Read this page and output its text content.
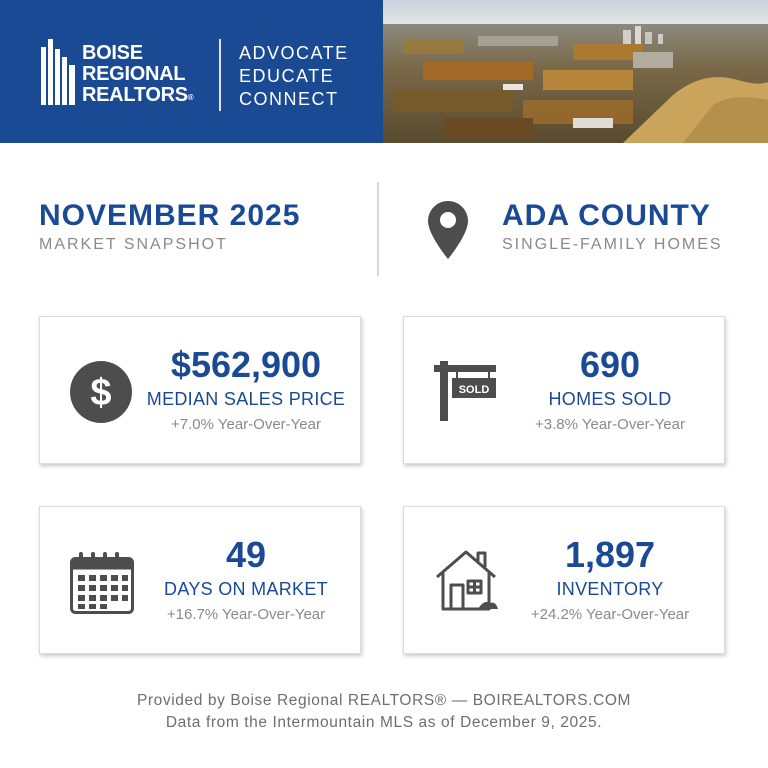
BOISE
REGIONAL
REALTORS®
ADVOCATE
EDUCATE
CONNECT
NOVEMBER 2025
MARKET SNAPSHOT
ADA COUNTY
SINGLE-FAMILY HOMES
$
$562,900
MEDIAN SALES PRICE
+7.0% Year-Over-Year
SOLD
690
HOMES SOLD
+3.8% Year-Over-Year
49
DAYS ON MARKET
+16.7% Year-Over-Year
1,897
INVENTORY
+24.2% Year-Over-Year
Provided by Boise Regional REALTORS® — BOIREALTORS.COM
Data from the Intermountain MLS as of December 9, 2025.
